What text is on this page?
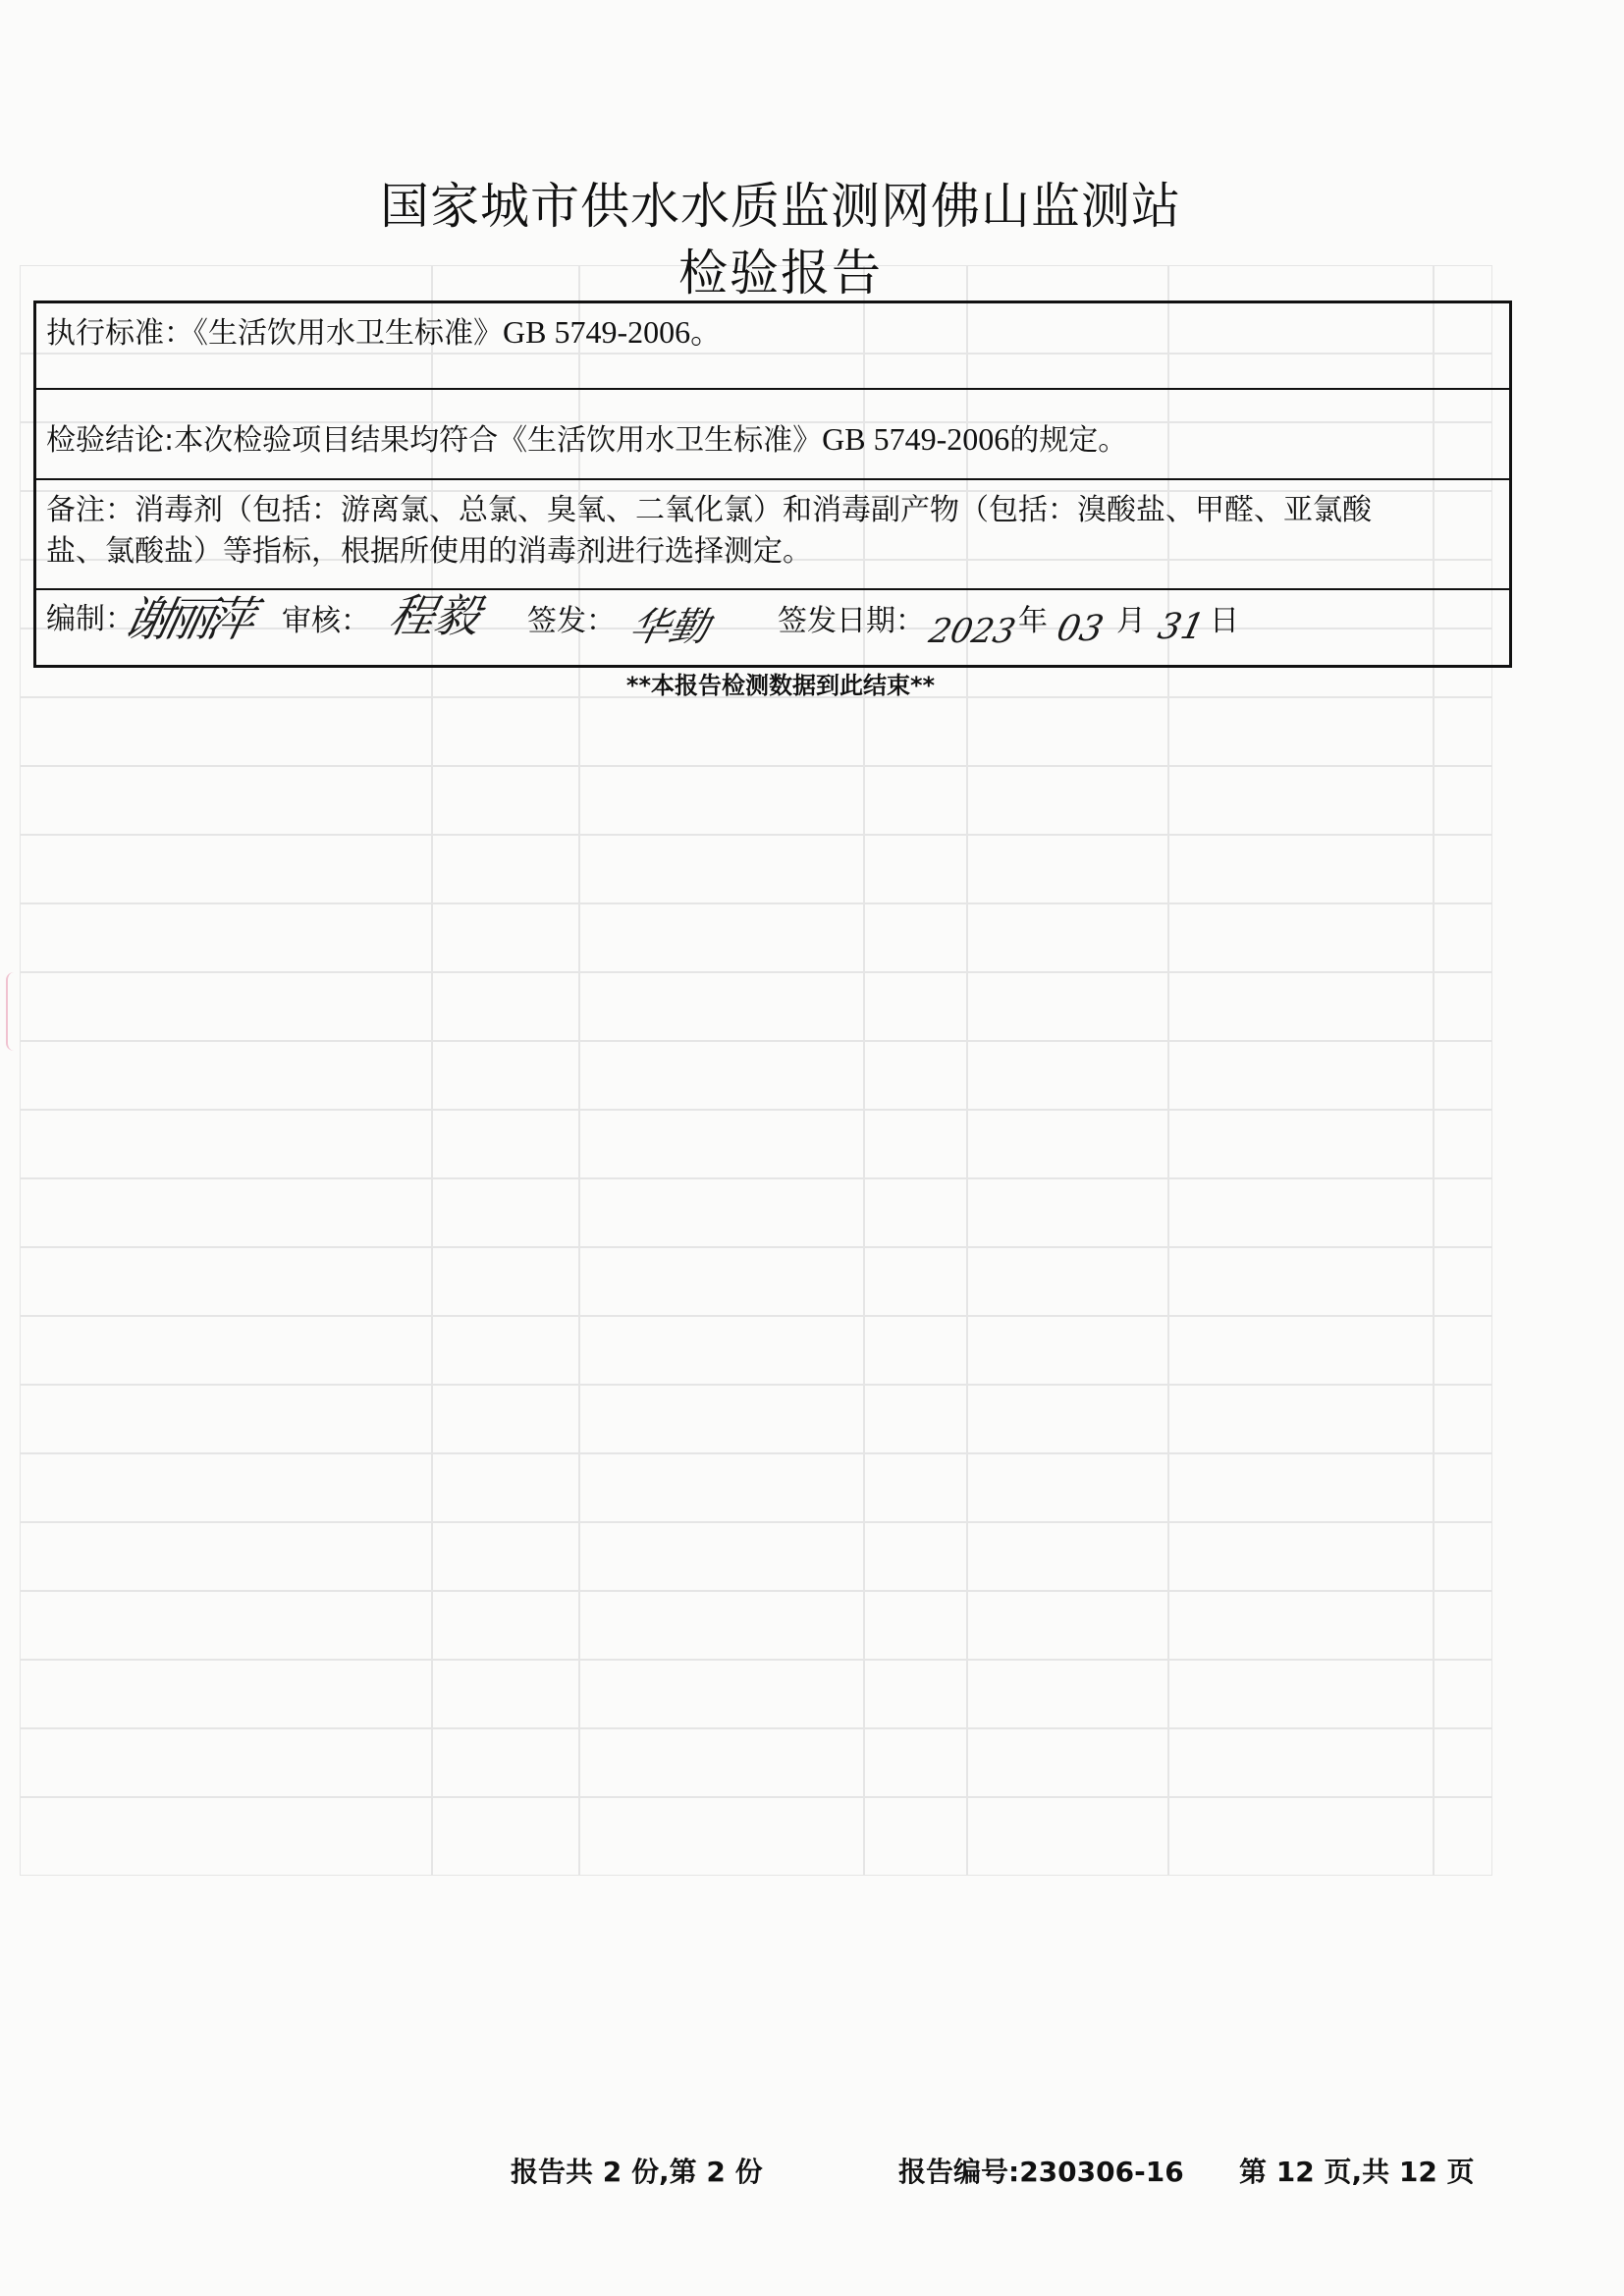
国家城市供水水质监测网佛山监测站
检验报告
执行标准：《生活饮用水卫生标准》GB 5749-2006。
检验结论:本次检验项目结果均符合《生活饮用水卫生标准》GB 5749-2006的规定。
备注：消毒剂（包括：游离氯、总氯、臭氧、二氧化氯）和消毒副产物（包括：溴酸盐、甲醛、亚氯酸
盐、氯酸盐）等指标，根据所使用的消毒剂进行选择测定。
编制：
谢丽萍 审核： 程毅 签发： 华勤 签发日期： 2023 年 03 月 31 日
**本报告检测数据到此结束**
报告共 2 份,第 2 份	报告编号:230306-16 第 12 页,共 12 页
